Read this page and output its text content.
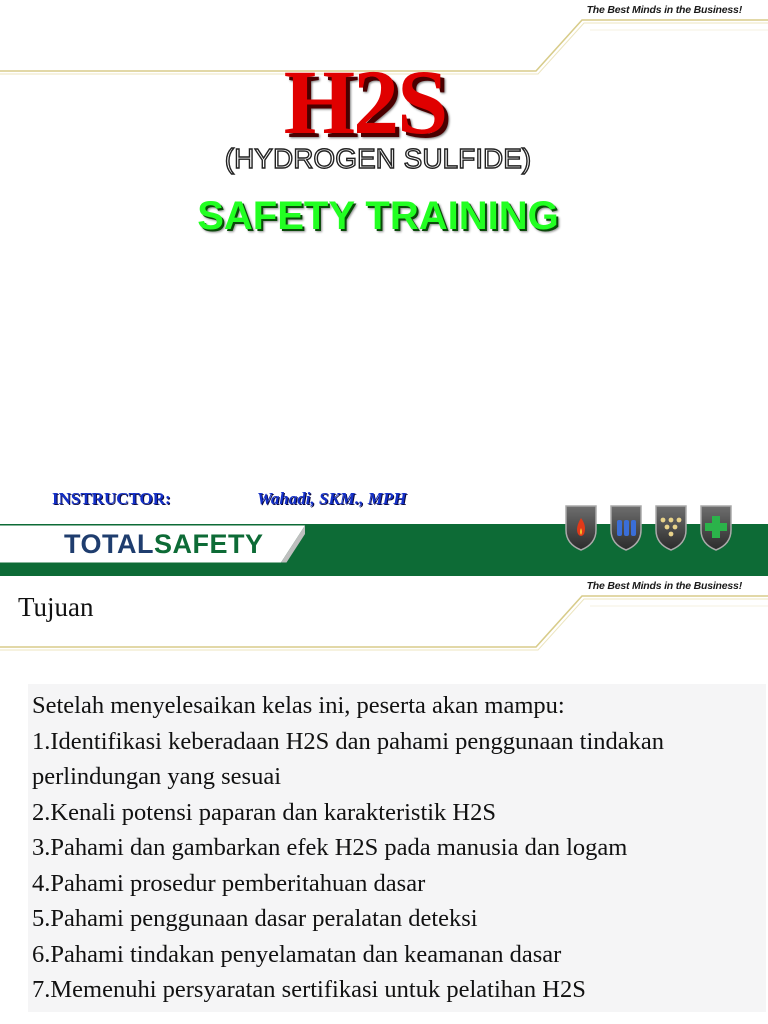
The Best Minds in the Business!
H2S
(HYDROGEN SULFIDE)
SAFETY TRAINING
INSTRUCTOR:	Wahadi, SKM., MPH
TOTALSAFETY
The Best Minds in the Business!
Tujuan
Setelah menyelesaikan kelas ini, peserta akan mampu:
1.Identifikasi keberadaan H2S dan pahami penggunaan tindakan perlindungan yang sesuai
2.Kenali potensi paparan dan karakteristik H2S
3.Pahami dan gambarkan efek H2S pada manusia dan logam
4.Pahami prosedur pemberitahuan dasar
5.Pahami penggunaan dasar peralatan deteksi
6.Pahami tindakan penyelamatan dan keamanan dasar
7.Memenuhi persyaratan sertifikasi untuk pelatihan H2S
